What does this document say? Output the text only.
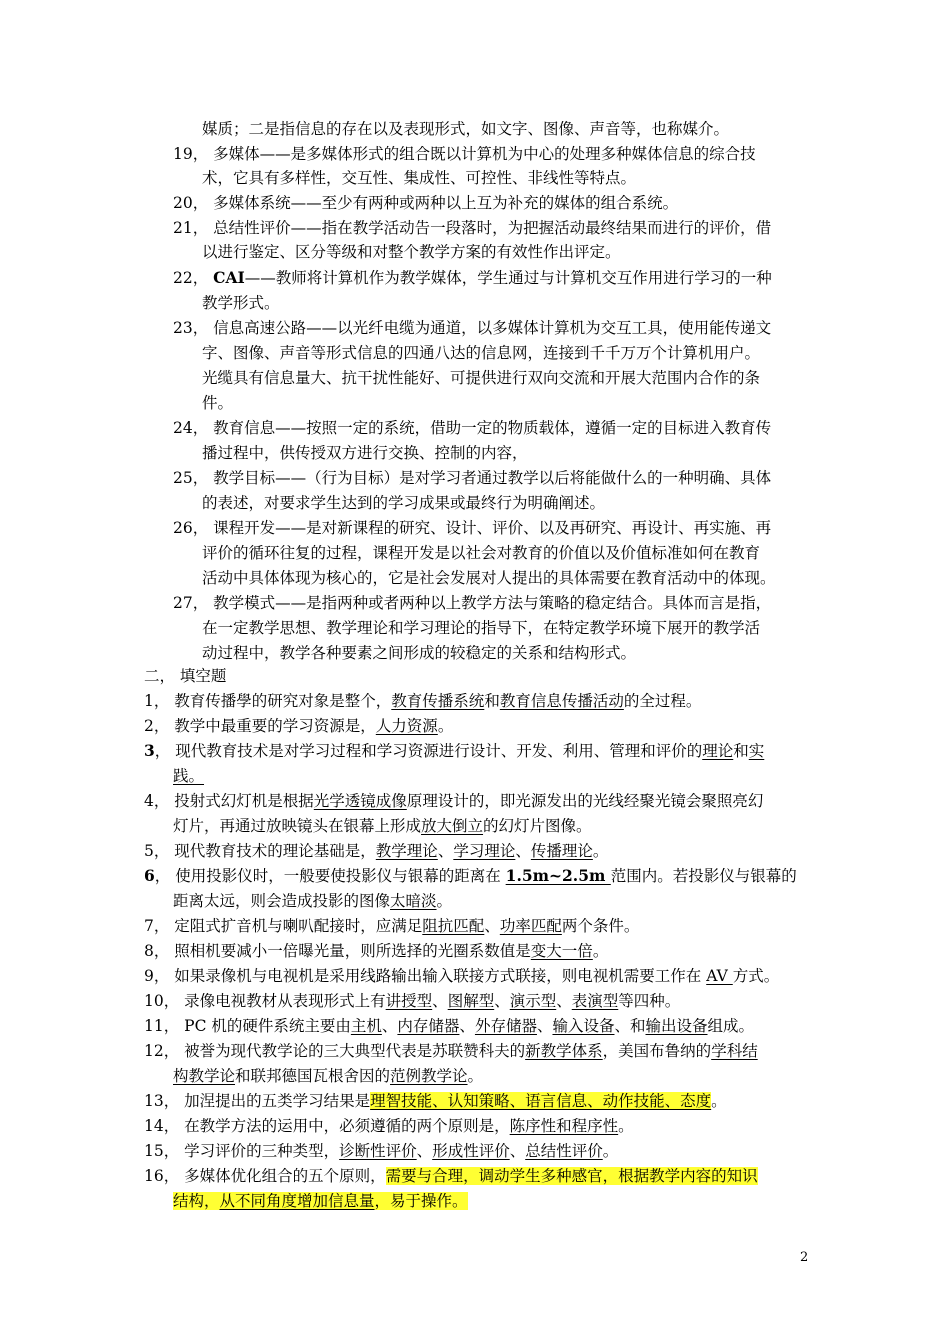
媒质；二是指信息的存在以及表现形式，如文字、图像、声音等，也称媒介。
19， 多媒体——是多媒体形式的组合既以计算机为中心的处理多种媒体信息的综合技
术，它具有多样性，交互性、集成性、可控性、非线性等特点。
20， 多媒体系统——至少有两种或两种以上互为补充的媒体的组合系统。
21， 总结性评价——指在教学活动告一段落时，为把握活动最终结果而进行的评价，借
以进行鉴定、区分等级和对整个教学方案的有效性作出评定。
22， CAI——教师将计算机作为教学媒体，学生通过与计算机交互作用进行学习的一种
教学形式。
23， 信息高速公路——以光纤电缆为通道，以多媒体计算机为交互工具，使用能传递文
字、图像、声音等形式信息的四通八达的信息网，连接到千千万万个计算机用户。
光缆具有信息量大、抗干扰性能好、可提供进行双向交流和开展大范围内合作的条
件。
24， 教育信息——按照一定的系统，借助一定的物质载体，遵循一定的目标进入教育传
播过程中，供传授双方进行交换、控制的内容，
25， 教学目标——（行为目标）是对学习者通过教学以后将能做什么的一种明确、具体
的表述，对要求学生达到的学习成果或最终行为明确阐述。
26， 课程开发——是对新课程的研究、设计、评价、以及再研究、再设计、再实施、再
评价的循环往复的过程，课程开发是以社会对教育的价值以及价值标准如何在教育
活动中具体体现为核心的，它是社会发展对人提出的具体需要在教育活动中的体现。
27， 教学模式——是指两种或者两种以上教学方法与策略的稳定结合。具体而言是指，
在一定教学思想、教学理论和学习理论的指导下，在特定教学环境下展开的教学活
动过程中，教学各种要素之间形成的较稳定的关系和结构形式。
二， 填空题
1， 教育传播學的研究对象是整个，教育传播系统和教育信息传播活动的全过程。
2， 教学中最重要的学习资源是，人力资源。
3， 现代教育技术是对学习过程和学习资源进行设计、开发、利用、管理和评价的理论和实
践。
4， 投射式幻灯机是根据光学透镜成像原理设计的，即光源发出的光线经聚光镜会聚照亮幻
灯片，再通过放映镜头在银幕上形成放大倒立的幻灯片图像。
5， 现代教育技术的理论基础是，教学理论、学习理论、传播理论。
6， 使用投影仪时，一般要使投影仪与银幕的距离在 1.5m~2.5m 范围内。若投影仪与银幕的
距离太远，则会造成投影的图像太暗淡。
7， 定阻式扩音机与喇叭配接时，应满足阻抗匹配、功率匹配两个条件。
8， 照相机要减小一倍曝光量，则所选择的光圈系数值是变大一倍。
9， 如果录像机与电视机是采用线路输出输入联接方式联接，则电视机需要工作在 AV 方式。
10， 录像电视教材从表现形式上有讲授型、图解型、演示型、表演型等四种。
11， PC 机的硬件系统主要由主机、内存储器、外存储器、输入设备、和输出设备组成。
12， 被誉为现代教学论的三大典型代表是苏联赞科夫的新教学体系，美国布鲁纳的学科结
构教学论和联邦德国瓦根舍因的范例教学论。
13， 加涅提出的五类学习结果是理智技能、认知策略、语言信息、动作技能、态度。
14， 在教学方法的运用中，必须遵循的两个原则是，陈序性和程序性。
15， 学习评价的三种类型，诊断性评价、形成性评价、总结性评价。
16， 多媒体优化组合的五个原则，需要与合理，调动学生多种感官，根据教学内容的知识
结构，从不同角度增加信息量，易于操作。
2
